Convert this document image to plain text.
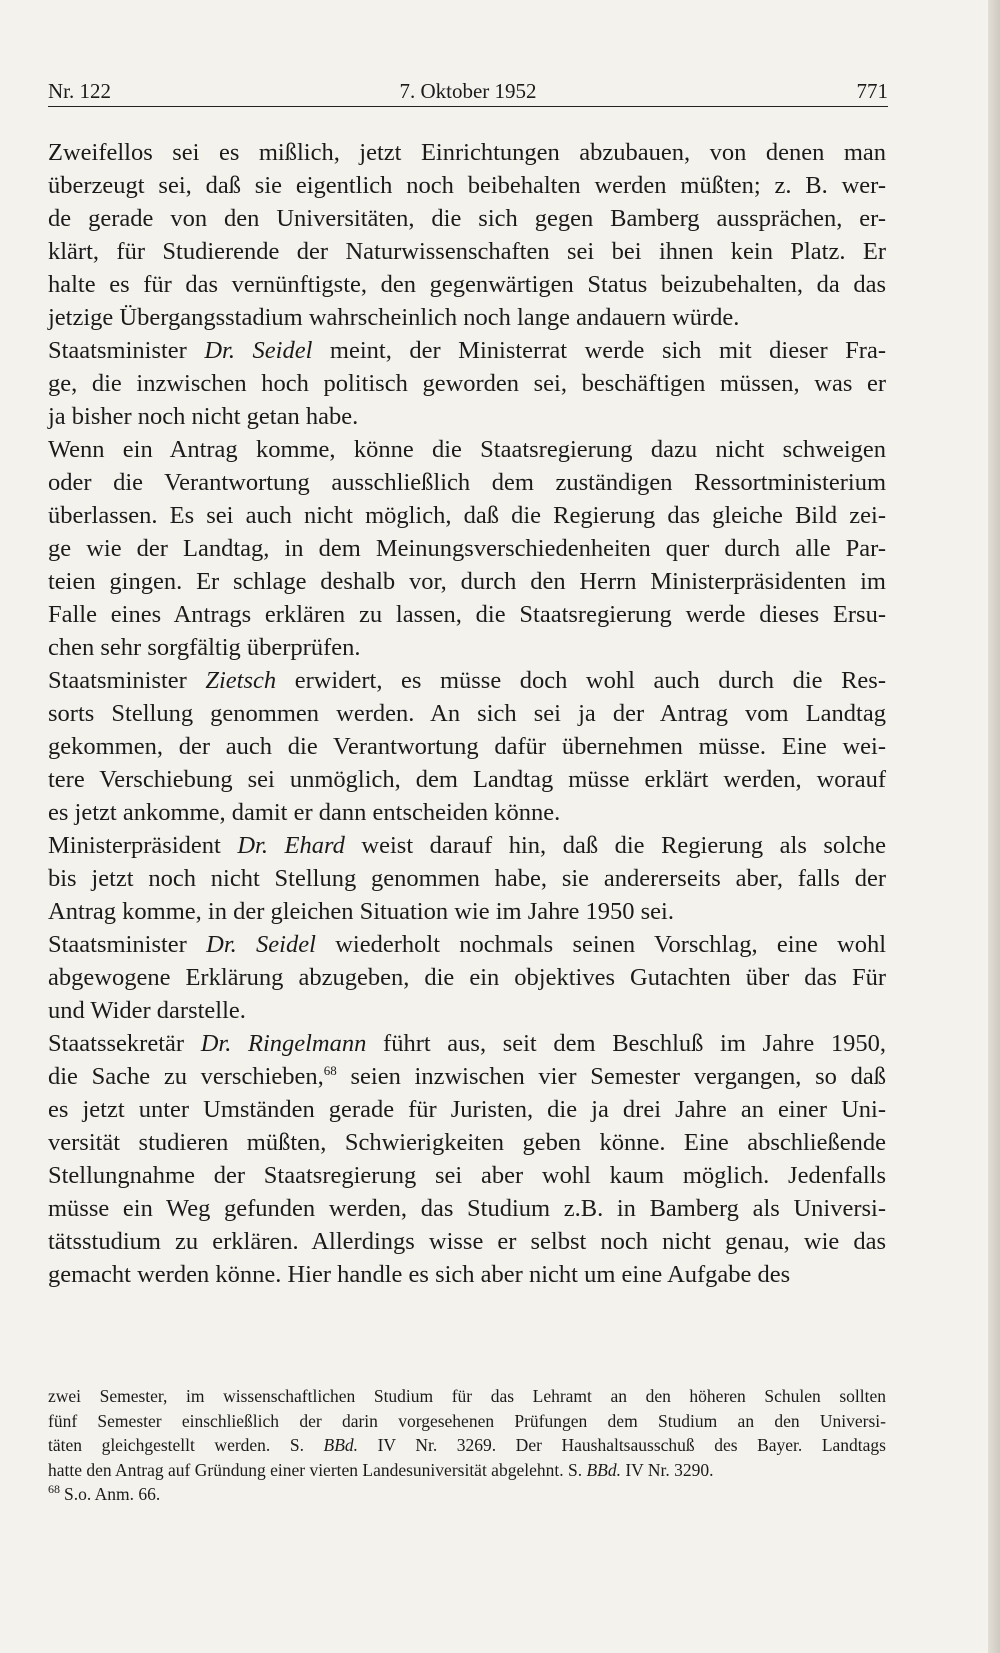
Nr. 122	7. Oktober 1952	771
Zweifellos sei es mißlich, jetzt Einrichtungen abzubauen, von denen man
überzeugt sei, daß sie eigentlich noch beibehalten werden müßten; z. B. wer-
de gerade von den Universitäten, die sich gegen Bamberg aussprächen, er-
klärt, für Studierende der Naturwissenschaften sei bei ihnen kein Platz. Er
halte es für das vernünftigste, den gegenwärtigen Status beizubehalten, da das
jetzige Übergangsstadium wahrscheinlich noch lange andauern würde.
Staatsminister Dr. Seidel meint, der Ministerrat werde sich mit dieser Fra-
ge, die inzwischen hoch politisch geworden sei, beschäftigen müssen, was er
ja bisher noch nicht getan habe.
Wenn ein Antrag komme, könne die Staatsregierung dazu nicht schweigen
oder die Verantwortung ausschließlich dem zuständigen Ressortministerium
überlassen. Es sei auch nicht möglich, daß die Regierung das gleiche Bild zei-
ge wie der Landtag, in dem Meinungsverschiedenheiten quer durch alle Par-
teien gingen. Er schlage deshalb vor, durch den Herrn Ministerpräsidenten im
Falle eines Antrags erklären zu lassen, die Staatsregierung werde dieses Ersu-
chen sehr sorgfältig überprüfen.
Staatsminister Zietsch erwidert, es müsse doch wohl auch durch die Res-
sorts Stellung genommen werden. An sich sei ja der Antrag vom Landtag
gekommen, der auch die Verantwortung dafür übernehmen müsse. Eine wei-
tere Verschiebung sei unmöglich, dem Landtag müsse erklärt werden, worauf
es jetzt ankomme, damit er dann entscheiden könne.
Ministerpräsident Dr. Ehard weist darauf hin, daß die Regierung als solche
bis jetzt noch nicht Stellung genommen habe, sie andererseits aber, falls der
Antrag komme, in der gleichen Situation wie im Jahre 1950 sei.
Staatsminister Dr. Seidel wiederholt nochmals seinen Vorschlag, eine wohl
abgewogene Erklärung abzugeben, die ein objektives Gutachten über das Für
und Wider darstelle.
Staatssekretär Dr. Ringelmann führt aus, seit dem Beschluß im Jahre 1950,
die Sache zu verschieben,$^{68}$ seien inzwischen vier Semester vergangen, so daß
es jetzt unter Umständen gerade für Juristen, die ja drei Jahre an einer Uni-
versität studieren müßten, Schwierigkeiten geben könne. Eine abschließende
Stellungnahme der Staatsregierung sei aber wohl kaum möglich. Jedenfalls
müsse ein Weg gefunden werden, das Studium z.B. in Bamberg als Universi-
tätsstudium zu erklären. Allerdings wisse er selbst noch nicht genau, wie das
gemacht werden könne. Hier handle es sich aber nicht um eine Aufgabe des
zwei Semester, im wissenschaftlichen Studium für das Lehramt an den höheren Schulen sollten
fünf Semester einschließlich der darin vorgesehenen Prüfungen dem Studium an den Universi-
täten gleichgestellt werden. S. BBd. IV Nr. 3269. Der Haushaltsausschuß des Bayer. Landtags
hatte den Antrag auf Gründung einer vierten Landesuniversität abgelehnt. S. BBd. IV Nr. 3290.
$^{68}$ S.o. Anm. 66.
